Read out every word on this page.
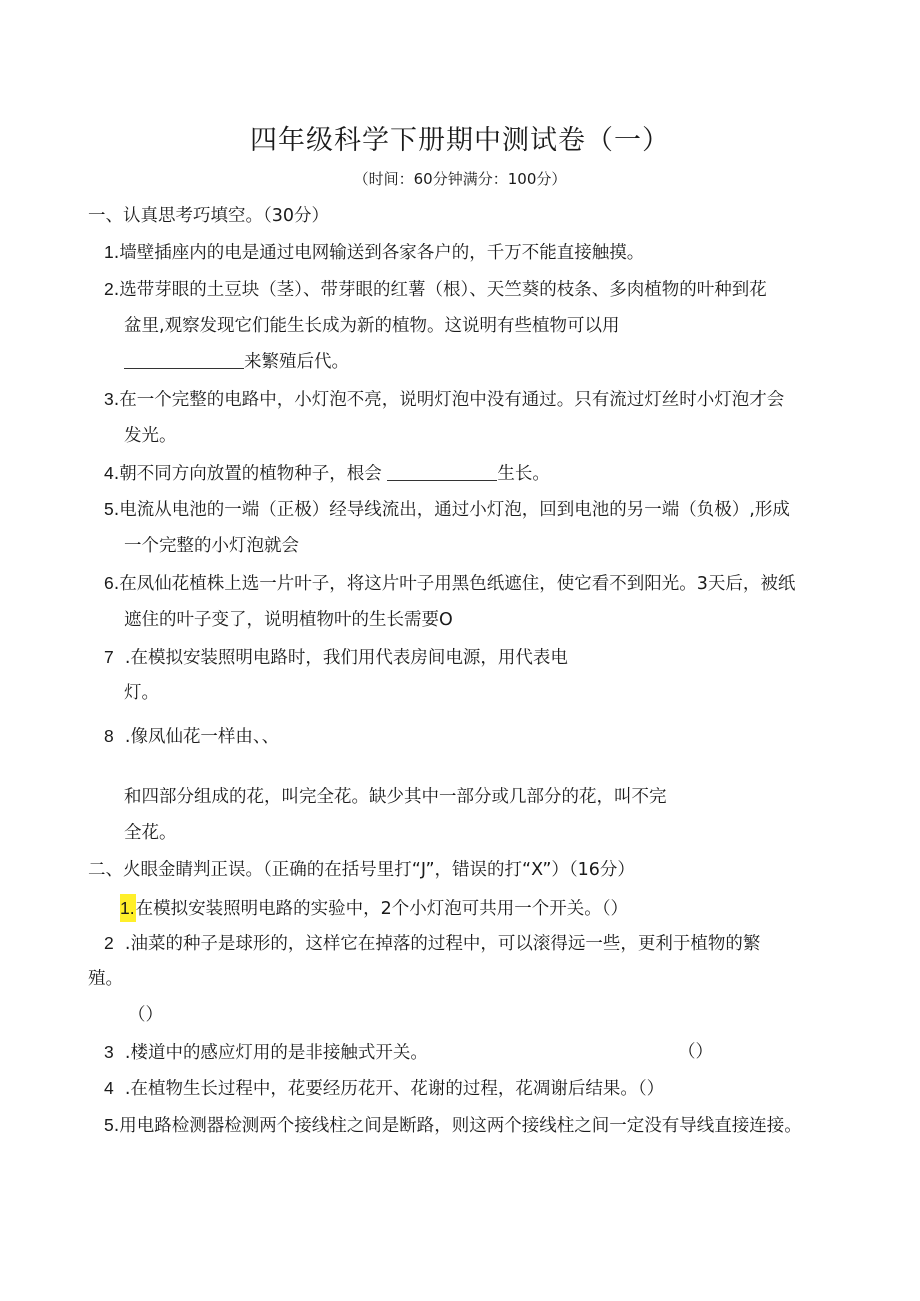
四年级科学下册期中测试卷（一）
（时间：60分钟满分：100分）
一、认真思考巧填空。（30分）
1.墙壁插座内的电是通过电网输送到各家各户的，千万不能直接触摸。
2.选带芽眼的土豆块（茎）、带芽眼的红薯（根）、天竺葵的枝条、多肉植物的叶种到花
盆里,观察发现它们能生长成为新的植物。这说明有些植物可以用
来繁殖后代。
3.在一个完整的电路中，小灯泡不亮，说明灯泡中没有通过。只有流过灯丝时小灯泡才会
发光。
4.朝不同方向放置的植物种子，根会	生长。
5.电流从电池的一端（正极）经导线流出，通过小灯泡，回到电池的另一端（负极）,形成
一个完整的小灯泡就会
6.在凤仙花植株上选一片叶子，将这片叶子用黑色纸遮住，使它看不到阳光。3天后，被纸
遮住的叶子变了，说明植物叶的生长需要O
7 .在模拟安装照明电路时，我们用代表房间电源，用代表电
灯。
8 .像凤仙花一样由、、
和四部分组成的花，叫完全花。缺少其中一部分或几部分的花，叫不完
全花。
二、火眼金睛判正误。（正确的在括号里打“J”，错误的打“X”）（16分）
1.在模拟安装照明电路的实验中，2个小灯泡可共用一个开关。（）
2 .油菜的种子是球形的，这样它在掉落的过程中，可以滚得远一些，更利于植物的繁
殖。
（）
3 .楼道中的感应灯用的是非接触式开关。	（）
4 .在植物生长过程中，花要经历花开、花谢的过程，花凋谢后结果。（）
5.用电路检测器检测两个接线柱之间是断路，则这两个接线柱之间一定没有导线直接连接。
